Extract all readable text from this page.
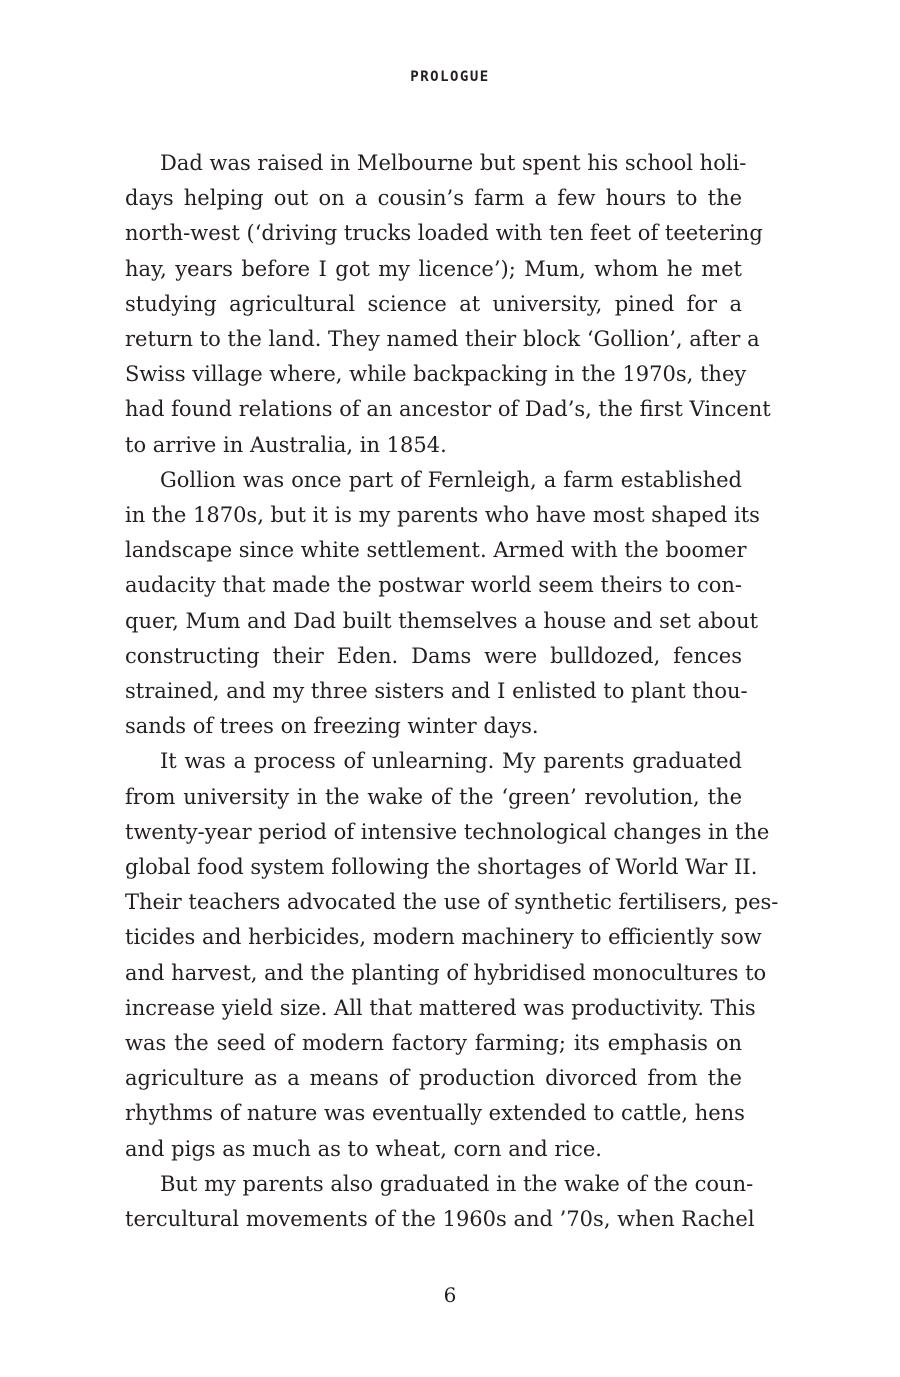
PROLOGUE

Dad was raised in Melbourne but spent his school holi-
days helping out on a cousin’s farm a few hours to the
north-west (‘driving trucks loaded with ten feet of teetering
hay, years before I got my licence’); Mum, whom he met
studying agricultural science at university, pined for a
return to the land. They named their block ‘Gollion’, after a
Swiss village where, while backpacking in the 1970s, they
had found relations of an ancestor of Dad’s, the first Vincent
to arrive in Australia, in 1854.

Gollion was once part of Fernleigh, a farm established
in the 1870s, but it is my parents who have most shaped its
landscape since white settlement. Armed with the boomer
audacity that made the postwar world seem theirs to con-
quer, Mum and Dad built themselves a house and set about
constructing their Eden. Dams were bulldozed, fences
strained, and my three sisters and I enlisted to plant thou-
sands of trees on freezing winter days.

It was a process of unlearning. My parents graduated
from university in the wake of the ‘green’ revolution, the
twenty-year period of intensive technological changes in the
global food system following the shortages of World War II.
Their teachers advocated the use of synthetic fertilisers, pes-
ticides and herbicides, modern machinery to efficiently sow
and harvest, and the planting of hybridised monocultures to
increase yield size. All that mattered was productivity. This
was the seed of modern factory farming; its emphasis on
agriculture as a means of production divorced from the
rhythms of nature was eventually extended to cattle, hens
and pigs as much as to wheat, corn and rice.

But my parents also graduated in the wake of the coun-
tercultural movements of the 1960s and ’70s, when Rachel

6
